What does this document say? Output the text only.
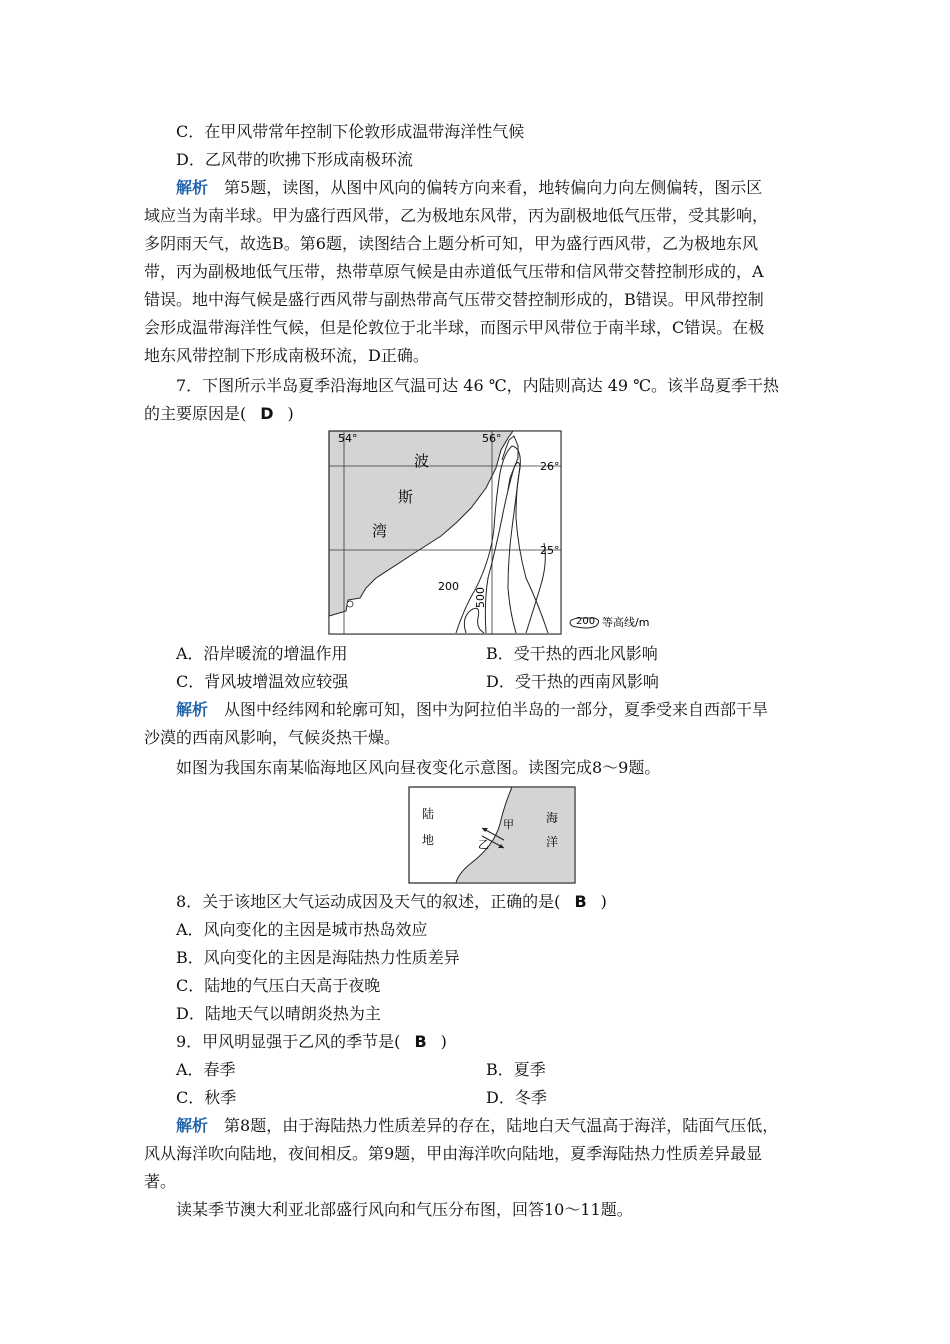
C．在甲风带常年控制下伦敦形成温带海洋性气候
D．乙风带的吹拂下形成南极环流
解析 第5题，读图，从图中风向的偏转方向来看，地转偏向力向左侧偏转，图示区
域应当为南半球。甲为盛行西风带，乙为极地东风带，丙为副极地低气压带，受其影响，
多阴雨天气，故选B。第6题，读图结合上题分析可知，甲为盛行西风带，乙为极地东风
带，丙为副极地低气压带，热带草原气候是由赤道低气压带和信风带交替控制形成的，A
错误。地中海气候是盛行西风带与副热带高气压带交替控制形成的，B错误。甲风带控制
会形成温带海洋性气候，但是伦敦位于北半球，而图示甲风带位于南半球，C错误。在极
地东风带控制下形成南极环流，D正确。
7．下图所示半岛夏季沿海地区气温可达 46 ℃，内陆则高达 49 ℃。该半岛夏季干热
的主要原因是( D )
54°	56°
26°
25°
波
斯
湾
200
500
200 等高线/m
A．沿岸暖流的增温作用	B．受干热的西北风影响
C．背风坡增温效应较强	D．受干热的西南风影响
解析 从图中经纬网和轮廓可知，图中为阿拉伯半岛的一部分，夏季受来自西部干旱
沙漠的西南风影响，气候炎热干燥。
如图为我国东南某临海地区风向昼夜变化示意图。读图完成8～9题。
陆
地
海
洋
甲
乙
8．关于该地区大气运动成因及天气的叙述，正确的是( B )
A．风向变化的主因是城市热岛效应
B．风向变化的主因是海陆热力性质差异
C．陆地的气压白天高于夜晚
D．陆地天气以晴朗炎热为主
9．甲风明显强于乙风的季节是( B )
A．春季	B．夏季
C．秋季	D．冬季
解析 第8题，由于海陆热力性质差异的存在，陆地白天气温高于海洋，陆面气压低，
风从海洋吹向陆地，夜间相反。第9题，甲由海洋吹向陆地，夏季海陆热力性质差异最显
著。
读某季节澳大利亚北部盛行风向和气压分布图，回答10～11题。
